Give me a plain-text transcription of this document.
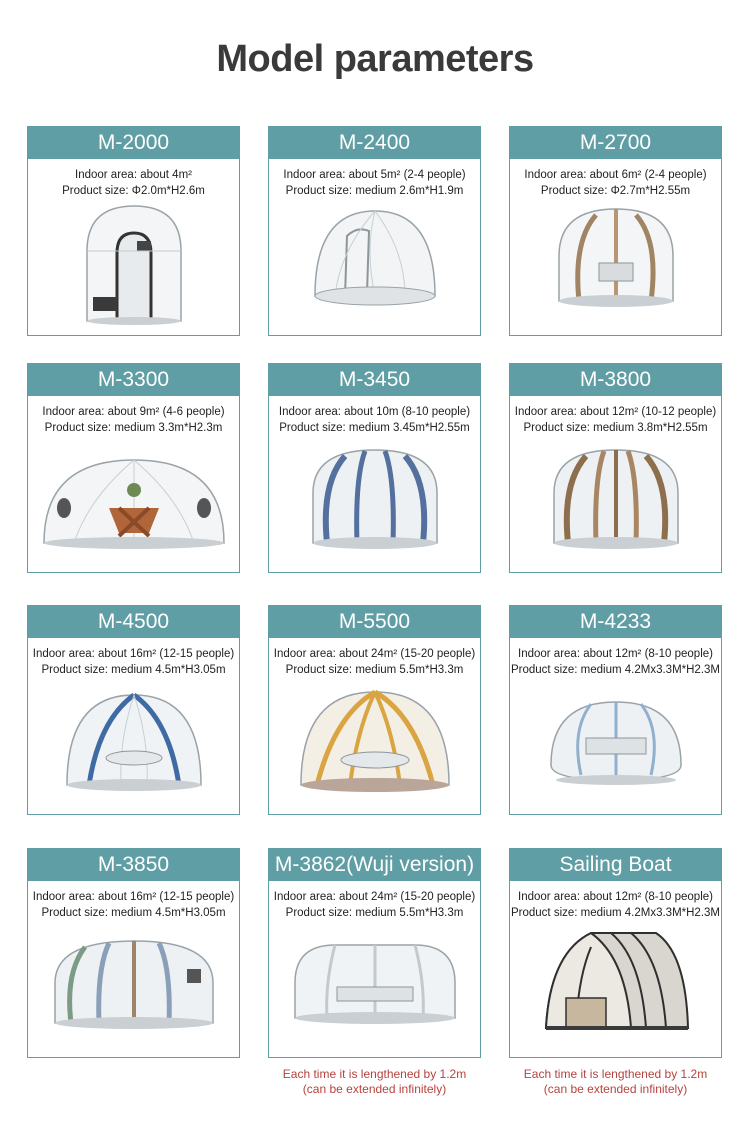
Model parameters
M-2000
Indoor area: about 4m²
Product size: Φ2.0m*H2.6m
M-2400
Indoor area: about 5m² (2-4 people)
Product size: medium 2.6m*H1.9m
M-2700
Indoor area: about 6m² (2-4 people)
Product size: Φ2.7m*H2.55m
M-3300
Indoor area: about 9m² (4-6 people)
Product size: medium 3.3m*H2.3m
M-3450
Indoor area: about 10m (8-10 people)
Product size: medium 3.45m*H2.55m
M-3800
Indoor area: about 12m² (10-12 people)
Product size: medium 3.8m*H2.55m
M-4500
Indoor area: about 16m² (12-15 people)
Product size: medium 4.5m*H3.05m
M-5500
Indoor area: about 24m² (15-20 people)
Product size: medium 5.5m*H3.3m
M-4233
Indoor area: about 12m² (8-10 people)
Product size: medium 4.2Mx3.3M*H2.3M
M-3850
Indoor area: about 16m² (12-15 people)
Product size: medium 4.5m*H3.05m
M-3862(Wuji version)
Indoor area: about 24m² (15-20 people)
Product size: medium 5.5m*H3.3m
Sailing Boat
Indoor area: about 12m² (8-10 people)
Product size: medium 4.2Mx3.3M*H2.3M
Each time it is lengthened by 1.2m
(can be extended infinitely)
Each time it is lengthened by 1.2m
(can be extended infinitely)
